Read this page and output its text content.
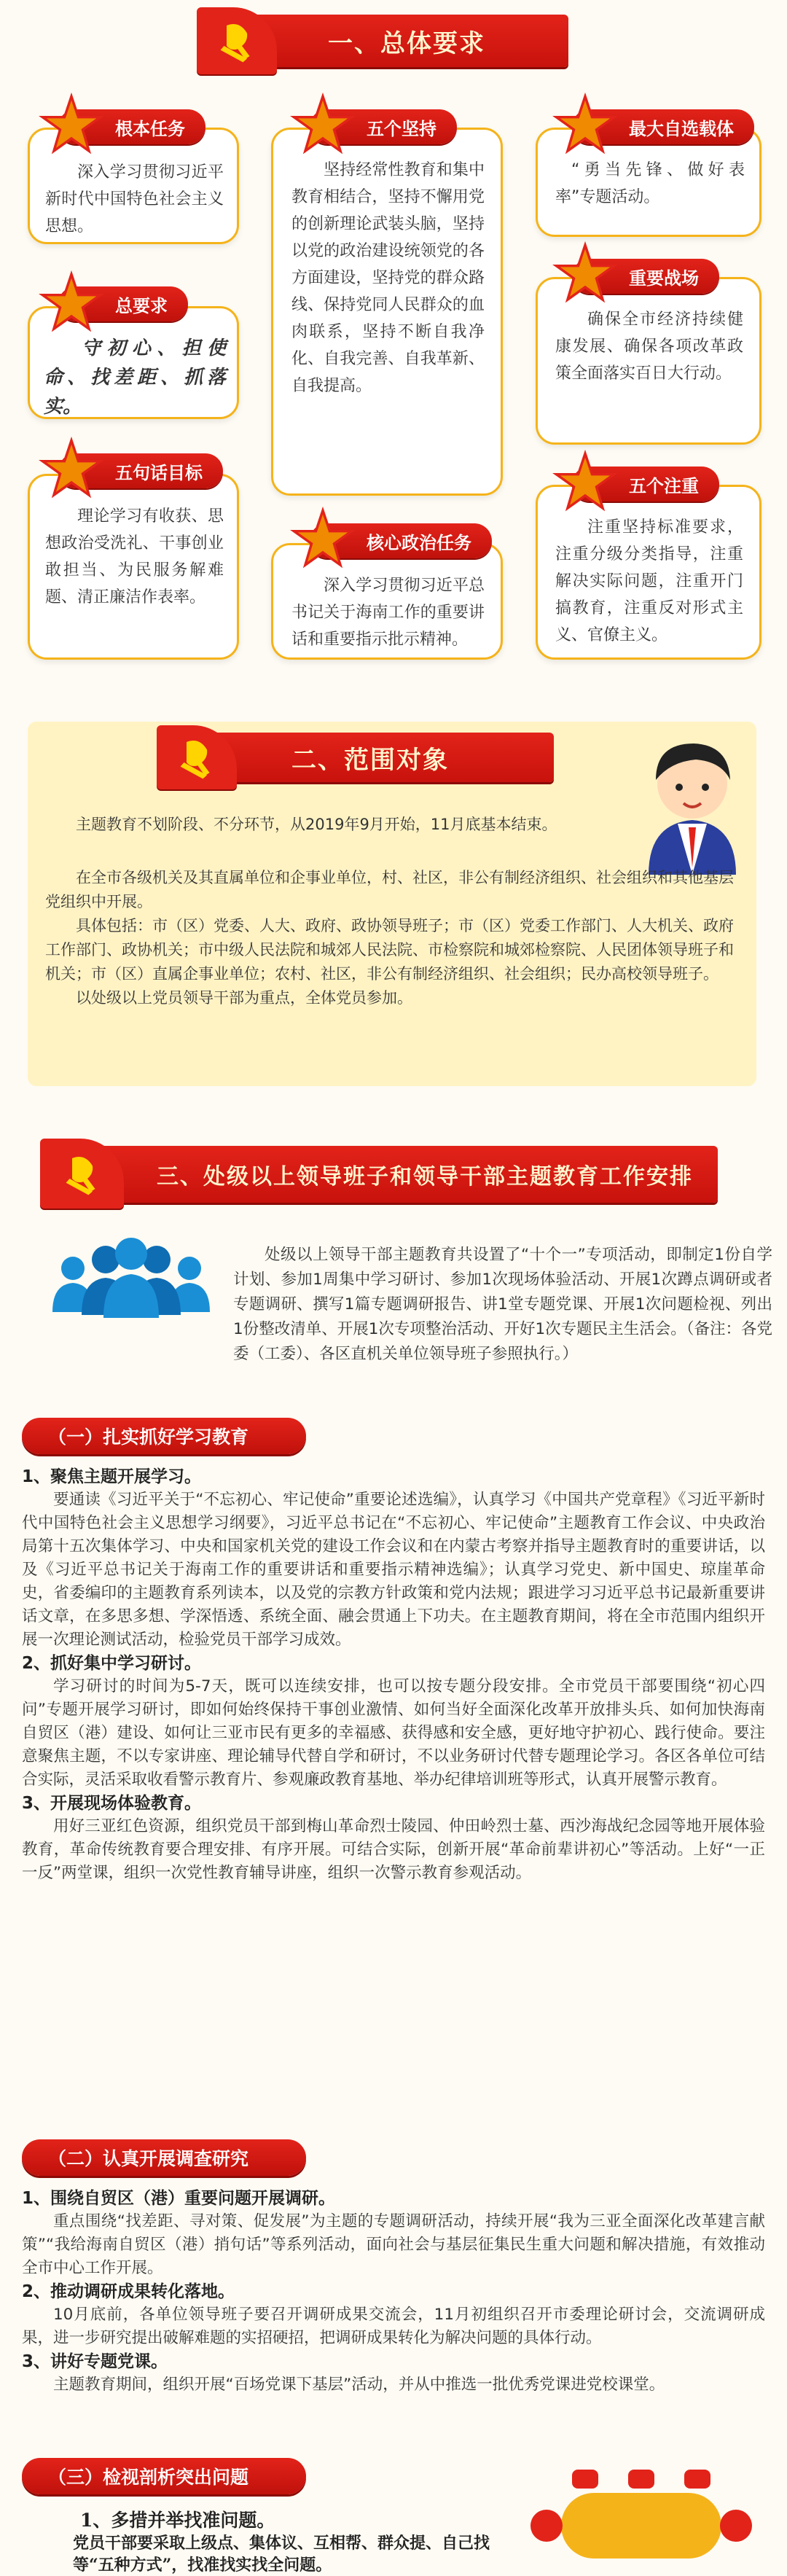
一、总体要求
根本任务
深入学习贯彻习近平新时代中国特色社会主义思想。
总要求
守初心、担使命、找差距、抓落实。
五句话目标
理论学习有收获、思想政治受洗礼、干事创业敢担当、为民服务解难题、清正廉洁作表率。
五个坚持
坚持经常性教育和集中教育相结合，坚持不懈用党的创新理论武装头脑，坚持以党的政治建设统领党的各方面建设，坚持党的群众路线、保持党同人民群众的血肉联系，坚持不断自我净化、自我完善、自我革新、自我提高。
核心政治任务
深入学习贯彻习近平总书记关于海南工作的重要讲话和重要指示批示精神。
最大自选载体
“勇当先锋、做好表率”专题活动。
重要战场
确保全市经济持续健康发展、确保各项改革政策全面落实百日大行动。
五个注重
注重坚持标准要求，注重分级分类指导，注重解决实际问题，注重开门搞教育，注重反对形式主义、官僚主义。
二、范围对象

主题教育不划阶段、不分环节，从2019年9月开始，11月底基本结束。

在全市各级机关及其直属单位和企事业单位，村、社区，非公有制经济组织、社会组织和其他基层党组织中开展。

具体包括：市（区）党委、人大、政府、政协领导班子；市（区）党委工作部门、人大机关、政府工作部门、政协机关；市中级人民法院和城郊人民法院、市检察院和城郊检察院、人民团体领导班子和机关；市（区）直属企事业单位；农村、社区，非公有制经济组织、社会组织；民办高校领导班子。

以处级以上党员领导干部为重点，全体党员参加。

三、处级以上领导班子和领导干部主题教育工作安排
处级以上领导干部主题教育共设置了“十个一”专项活动，即制定1份自学计划、参加1周集中学习研讨、参加1次现场体验活动、开展1次蹲点调研或者专题调研、撰写1篇专题调研报告、讲1堂专题党课、开展1次问题检视、列出1份整改清单、开展1次专项整治活动、开好1次专题民主生活会。（备注：各党委（工委）、各区直机关单位领导班子参照执行。）
（一）扎实抓好学习教育
1、聚焦主题开展学习。

要通读《习近平关于“不忘初心、牢记使命”重要论述选编》，认真学习《中国共产党章程》《习近平新时代中国特色社会主义思想学习纲要》，习近平总书记在“不忘初心、牢记使命”主题教育工作会议、中央政治局第十五次集体学习、中央和国家机关党的建设工作会议和在内蒙古考察并指导主题教育时的重要讲话，以及《习近平总书记关于海南工作的重要讲话和重要指示精神选编》；认真学习党史、新中国史、琼崖革命史，省委编印的主题教育系列读本，以及党的宗教方针政策和党内法规；跟进学习习近平总书记最新重要讲话文章，在多思多想、学深悟透、系统全面、融会贯通上下功夫。在主题教育期间，将在全市范围内组织开展一次理论测试活动，检验党员干部学习成效。

2、抓好集中学习研讨。

学习研讨的时间为5-7天，既可以连续安排，也可以按专题分段安排。全市党员干部要围绕“初心四问”专题开展学习研讨，即如何始终保持干事创业激情、如何当好全面深化改革开放排头兵、如何加快海南自贸区（港）建设、如何让三亚市民有更多的幸福感、获得感和安全感，更好地守护初心、践行使命。要注意聚焦主题，不以专家讲座、理论辅导代替自学和研讨，不以业务研讨代替专题理论学习。各区各单位可结合实际，灵活采取收看警示教育片、参观廉政教育基地、举办纪律培训班等形式，认真开展警示教育。

3、开展现场体验教育。

用好三亚红色资源，组织党员干部到梅山革命烈士陵园、仲田岭烈士墓、西沙海战纪念园等地开展体验教育，革命传统教育要合理安排、有序开展。可结合实际，创新开展“革命前辈讲初心”等活动。上好“一正一反”两堂课，组织一次党性教育辅导讲座，组织一次警示教育参观活动。

（二）认真开展调查研究
1、围绕自贸区（港）重要问题开展调研。

重点围绕“找差距、寻对策、促发展”为主题的专题调研活动，持续开展“我为三亚全面深化改革建言献策”“我给海南自贸区（港）捎句话”等系列活动，面向社会与基层征集民生重大问题和解决措施，有效推动全市中心工作开展。

2、推动调研成果转化落地。

10月底前，各单位领导班子要召开调研成果交流会，11月初组织召开市委理论研讨会，交流调研成果，进一步研究提出破解难题的实招硬招，把调研成果转化为解决问题的具体行动。

3、讲好专题党课。

主题教育期间，组织开展“百场党课下基层”活动，并从中推选一批优秀党课进党校课堂。

（三）检视剖析突出问题
1、多措并举找准问题。
党员干部要采取上级点、集体议、互相帮、群众提、自己找等“五种方式”，找准找实找全问题。
